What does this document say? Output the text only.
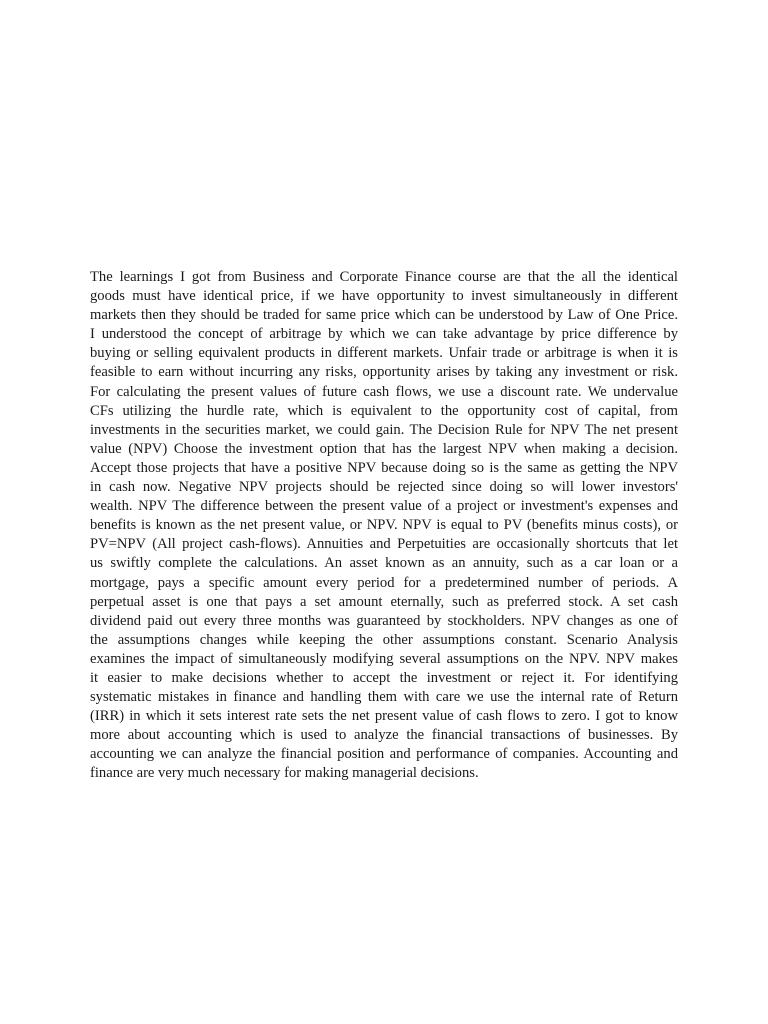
The learnings I got from Business and Corporate Finance course are that the all the identical
goods must have identical price, if we have opportunity to invest simultaneously in different
markets then they should be traded for same price which can be understood by Law of One Price.
I understood the concept of arbitrage by which we can take advantage by price difference by
buying or selling equivalent products in different markets. Unfair trade or arbitrage is when it is
feasible to earn without incurring any risks, opportunity arises by taking any investment or risk.
For calculating the present values of future cash flows, we use a discount rate. We undervalue
CFs utilizing the hurdle rate, which is equivalent to the opportunity cost of capital, from
investments in the securities market, we could gain. The Decision Rule for NPV The net present
value (NPV) Choose the investment option that has the largest NPV when making a decision.
Accept those projects that have a positive NPV because doing so is the same as getting the NPV
in cash now. Negative NPV projects should be rejected since doing so will lower investors'
wealth. NPV The difference between the present value of a project or investment's expenses and
benefits is known as the net present value, or NPV. NPV is equal to PV (benefits minus costs), or
PV=NPV (All project cash-flows). Annuities and Perpetuities are occasionally shortcuts that let
us swiftly complete the calculations. An asset known as an annuity, such as a car loan or a
mortgage, pays a specific amount every period for a predetermined number of periods. A
perpetual asset is one that pays a set amount eternally, such as preferred stock. A set cash
dividend paid out every three months was guaranteed by stockholders. NPV changes as one of
the assumptions changes while keeping the other assumptions constant. Scenario Analysis
examines the impact of simultaneously modifying several assumptions on the NPV. NPV makes
it easier to make decisions whether to accept the investment or reject it. For identifying
systematic mistakes in finance and handling them with care we use the internal rate of Return
(IRR) in which it sets interest rate sets the net present value of cash flows to zero. I got to know
more about accounting which is used to analyze the financial transactions of businesses. By
accounting we can analyze the financial position and performance of companies. Accounting and
finance are very much necessary for making managerial decisions.
